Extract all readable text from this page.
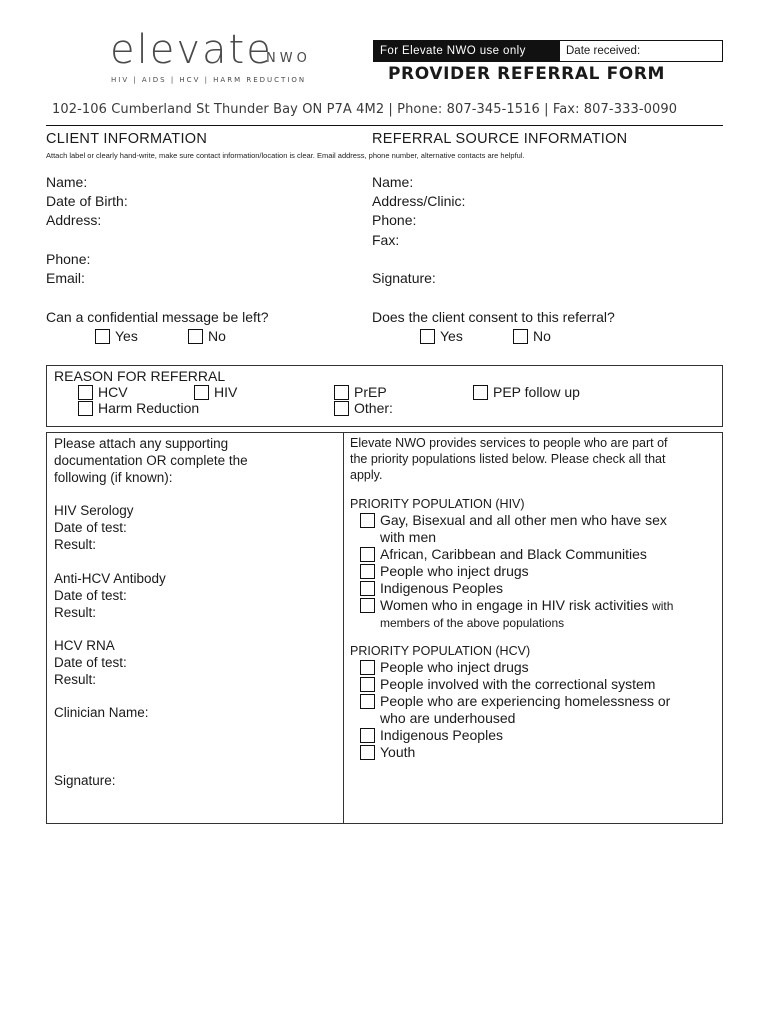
elevate
NWO
HIV | AIDS | HCV | HARM REDUCTION
For Elevate NWO use only	Date received:
PROVIDER REFERRAL FORM
102-106 Cumberland St Thunder Bay ON P7A 4M2 | Phone: 807-345-1516 | Fax: 807-333-0090
CLIENT INFORMATION	REFERRAL SOURCE INFORMATION
Attach label or clearly hand-write, make sure contact information/location is clear. Email address, phone number, alternative contacts are helpful.
Name:
Date of Birth:
Address:
Phone:
Email:
Name:
Address/Clinic:
Phone:
Fax:
Signature:
Can a confidential message be left?
Yes	No
Does the client consent to this referral?
Yes	No
REASON FOR REFERRAL
HCV	HIV	PrEP	PEP follow up
Harm Reduction	Other:
Please attach any supporting
documentation OR complete the
following (if known):
HIV Serology
Date of test:
Result:
Anti-HCV Antibody
Date of test:
Result:
HCV RNA
Date of test:
Result:
Clinician Name:
Signature:
Elevate NWO provides services to people who are part of
the priority populations listed below. Please check all that
apply.
PRIORITY POPULATION (HIV)
Gay, Bisexual and all other men who have sex
with men
African, Caribbean and Black Communities
People who inject drugs
Indigenous Peoples
Women who in engage in HIV risk activities with
members of the above populations
PRIORITY POPULATION (HCV)
People who inject drugs
People involved with the correctional system
People who are experiencing homelessness or
who are underhoused
Indigenous Peoples
Youth
